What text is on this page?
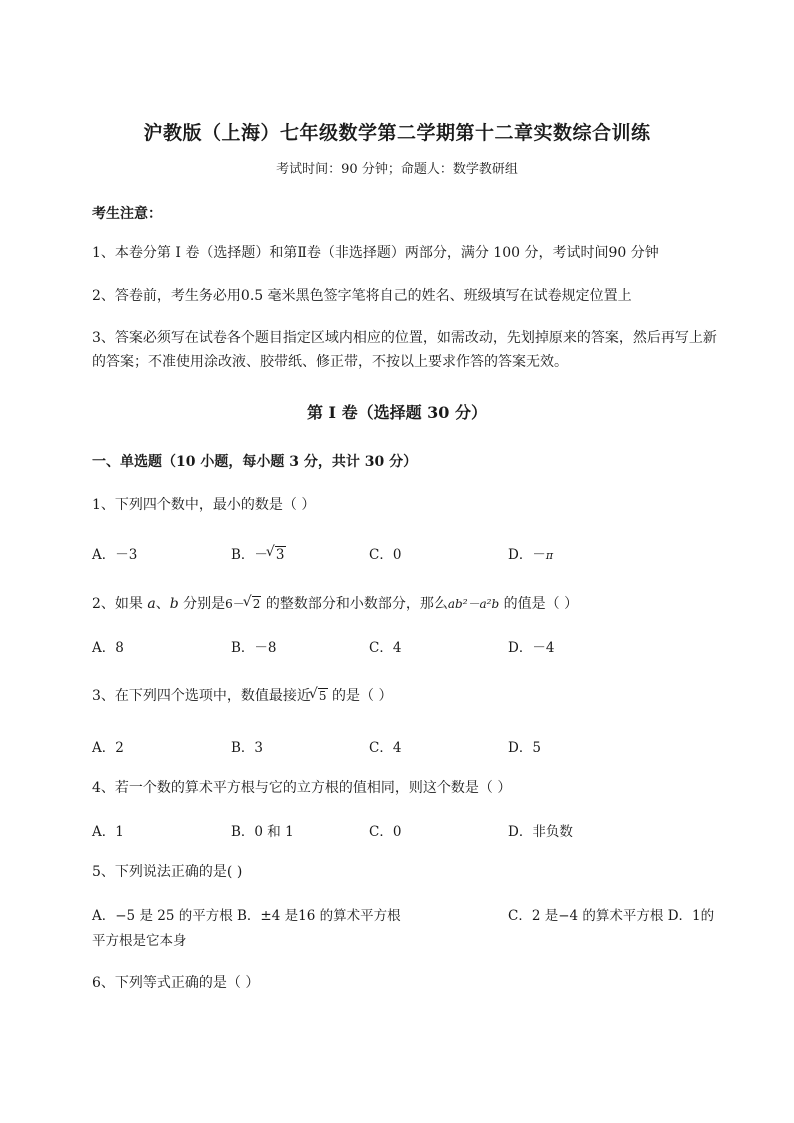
沪教版（上海）七年级数学第二学期第十二章实数综合训练
考试时间：90 分钟；命题人：数学教研组
考生注意：
1、本卷分第 I 卷（选择题）和第Ⅱ卷（非选择题）两部分，满分 100 分，考试时间90 分钟
2、答卷前，考生务必用0.5 毫米黑色签字笔将自己的姓名、班级填写在试卷规定位置上
3、答案必须写在试卷各个题目指定区域内相应的位置，如需改动，先划掉原来的答案，然后再写上新
的答案；不准使用涂改液、胶带纸、修正带，不按以上要求作答的答案无效。
第 I 卷（选择题 30 分）
一、单选题（10 小题，每小题 3 分，共计 30 分）
1、下列四个数中，最小的数是（ ）
A．－3	B．－ √ 3	C．0	D．－π
2、如果 a、b 分别是6－ √ 2 的整数部分和小数部分，那么ab²－a²b 的值是（ ）
A．8	B．－8	C．4	D．－4
3、在下列四个选项中，数值最接近 √ 5 的是（ ）
A．2	B．3	C．4	D．5
4、若一个数的算术平方根与它的立方根的值相同，则这个数是（ ）
A．1	B．0 和 1	C．0	D．非负数
5、下列说法正确的是( )
A．−5 是 25 的平方根 B．±4 是16 的算术平方根	C．2 是−4 的算术平方根 D．1的
平方根是它本身
6、下列等式正确的是（ ）
